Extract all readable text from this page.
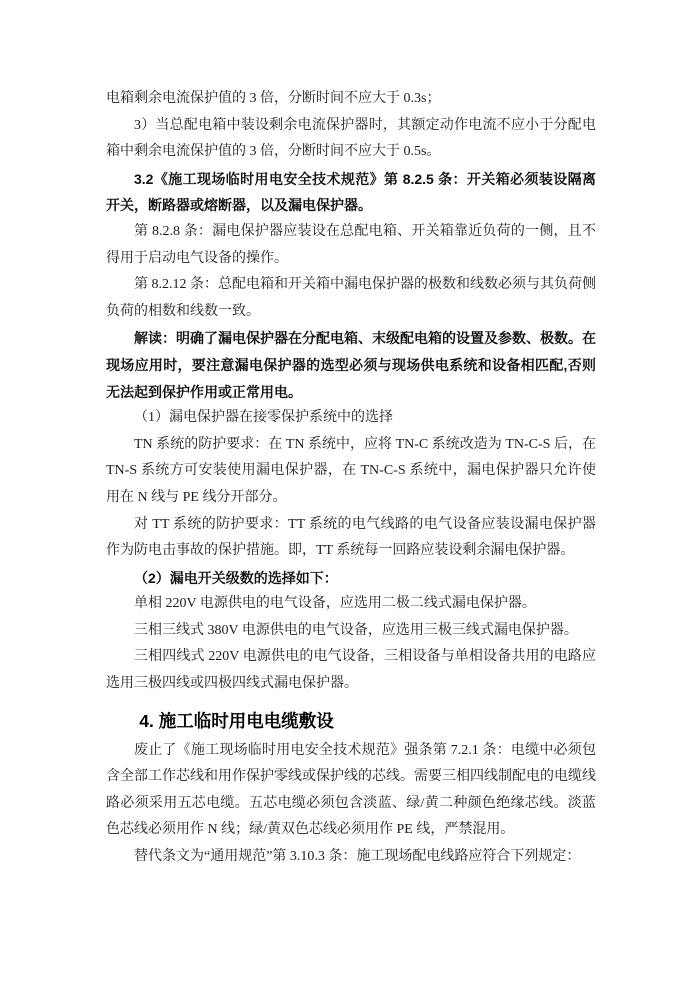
电箱剩余电流保护值的 3 倍，分断时间不应大于 0.3s；

3）当总配电箱中装设剩余电流保护器时，其额定动作电流不应小于分配电箱中剩余电流保护值的 3 倍，分断时间不应大于 0.5s。

3.2《施工现场临时用电安全技术规范》第 8.2.5 条：开关箱必须装设隔离开关，断路器或熔断器，以及漏电保护器。

第 8.2.8 条：漏电保护器应装设在总配电箱、开关箱靠近负荷的一侧，且不得用于启动电气设备的操作。

第 8.2.12 条：总配电箱和开关箱中漏电保护器的极数和线数必须与其负荷侧负荷的相数和线数一致。

解读：明确了漏电保护器在分配电箱、末级配电箱的设置及参数、极数。在现场应用时，要注意漏电保护器的选型必须与现场供电系统和设备相匹配,否则无法起到保护作用或正常用电。

（1）漏电保护器在接零保护系统中的选择

TN 系统的防护要求：在 TN 系统中，应将 TN-C 系统改造为 TN-C-S 后，在 TN-S 系统方可安装使用漏电保护器，在 TN-C-S 系统中，漏电保护器只允许使用在 N 线与 PE 线分开部分。

对 TT 系统的防护要求：TT 系统的电气线路的电气设备应装设漏电保护器作为防电击事故的保护措施。即，TT 系统每一回路应装设剩余漏电保护器。

（2）漏电开关级数的选择如下：

单相 220V 电源供电的电气设备，应选用二极二线式漏电保护器。

三相三线式 380V 电源供电的电气设备，应选用三极三线式漏电保护器。

三相四线式 220V 电源供电的电气设备，三相设备与单相设备共用的电路应选用三极四线或四极四线式漏电保护器。

4. 施工临时用电电缆敷设

废止了《施工现场临时用电安全技术规范》强条第 7.2.1 条：电缆中必须包含全部工作芯线和用作保护零线或保护线的芯线。需要三相四线制配电的电缆线路必须采用五芯电缆。五芯电缆必须包含淡蓝、绿/黄二种颜色绝缘芯线。淡蓝色芯线必须用作 N 线；绿/黄双色芯线必须用作 PE 线，严禁混用。

替代条文为“通用规范”第 3.10.3 条：施工现场配电线路应符合下列规定：
